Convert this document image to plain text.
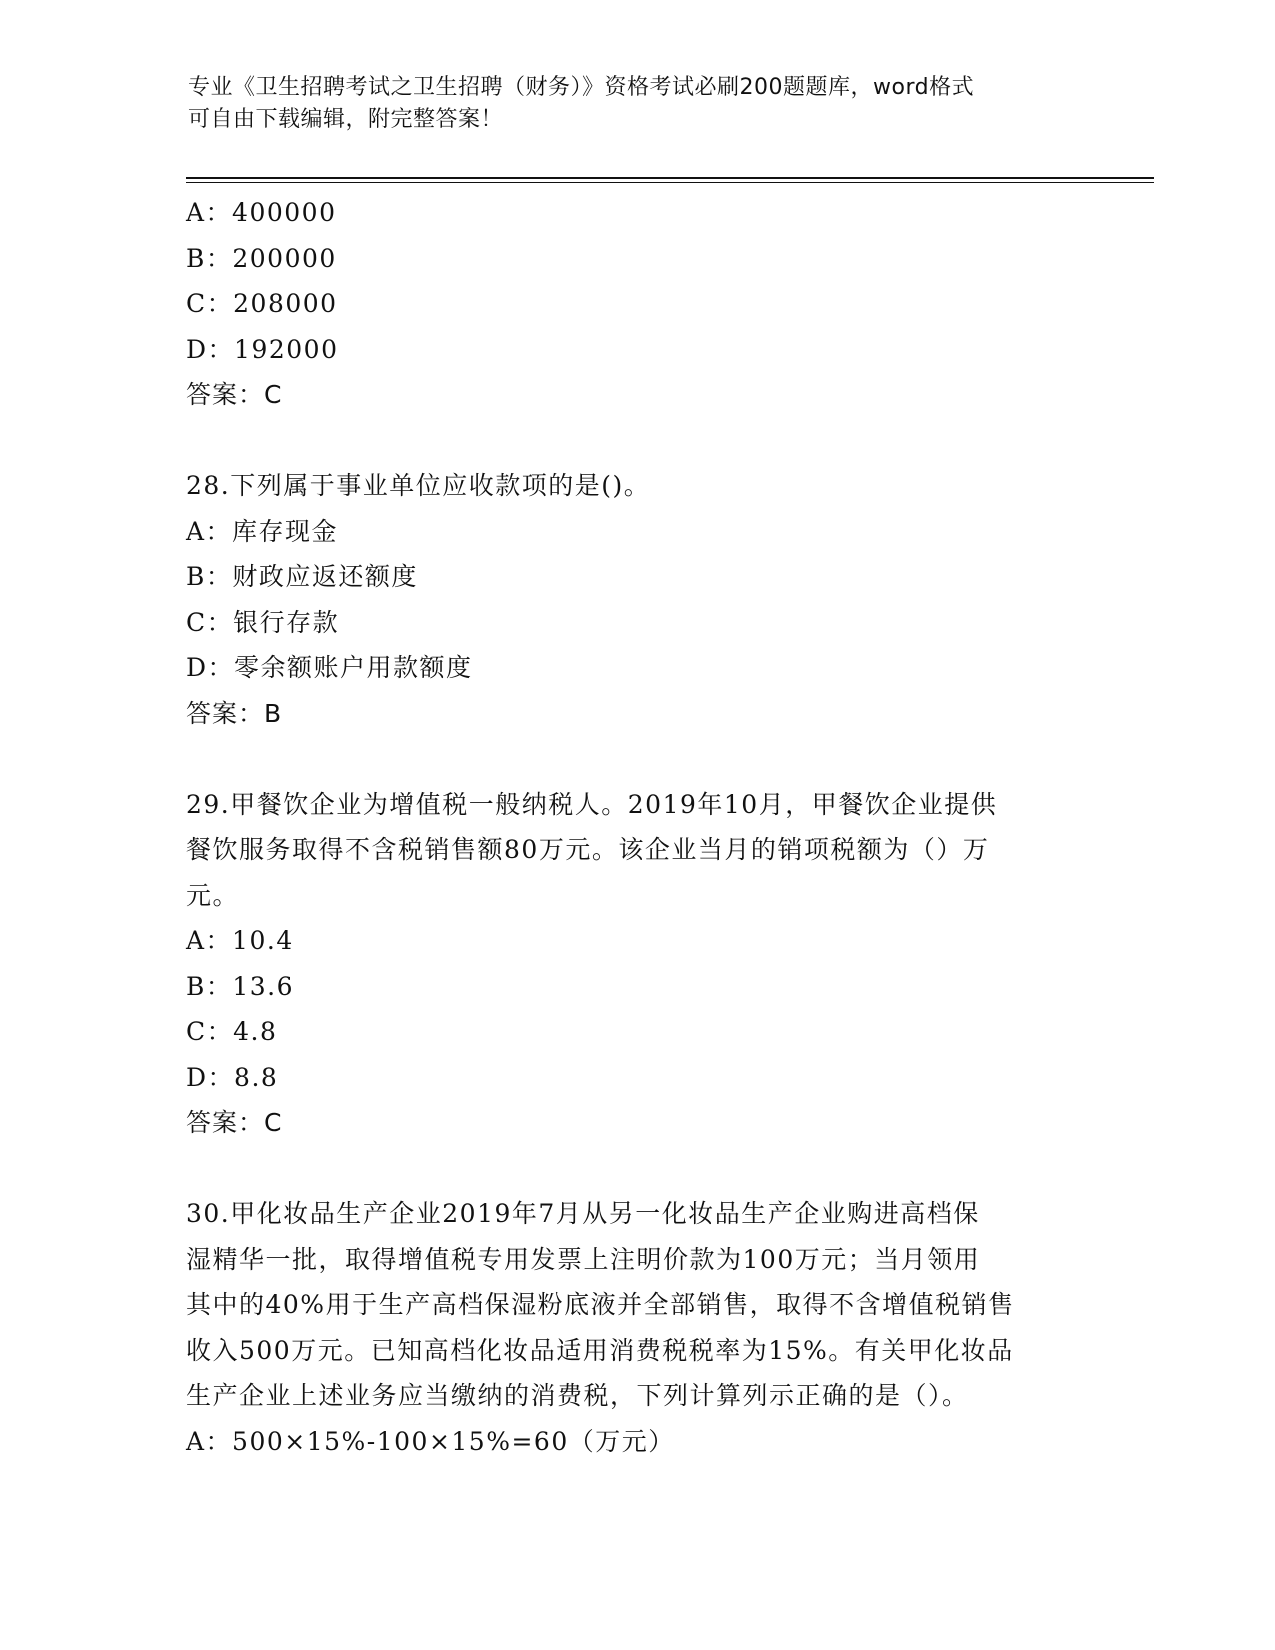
专业《卫生招聘考试之卫生招聘（财务）》资格考试必刷200题题库，word格式
可自由下载编辑，附完整答案！
A：400000
B：200000
C：208000
D：192000
答案：C
28.下列属于事业单位应收款项的是()。
A：库存现金
B：财政应返还额度
C：银行存款
D：零余额账户用款额度
答案：B
29.甲餐饮企业为增值税一般纳税人。2019年10月，甲餐饮企业提供
餐饮服务取得不含税销售额80万元。该企业当月的销项税额为（）万
元。
A：10.4
B：13.6
C：4.8
D：8.8
答案：C
30.甲化妆品生产企业2019年7月从另一化妆品生产企业购进高档保
湿精华一批，取得增值税专用发票上注明价款为100万元；当月领用
其中的40%用于生产高档保湿粉底液并全部销售，取得不含增值税销售
收入500万元。已知高档化妆品适用消费税税率为15%。有关甲化妆品
生产企业上述业务应当缴纳的消费税，下列计算列示正确的是（）。
A：500×15%-100×15%=60（万元）
